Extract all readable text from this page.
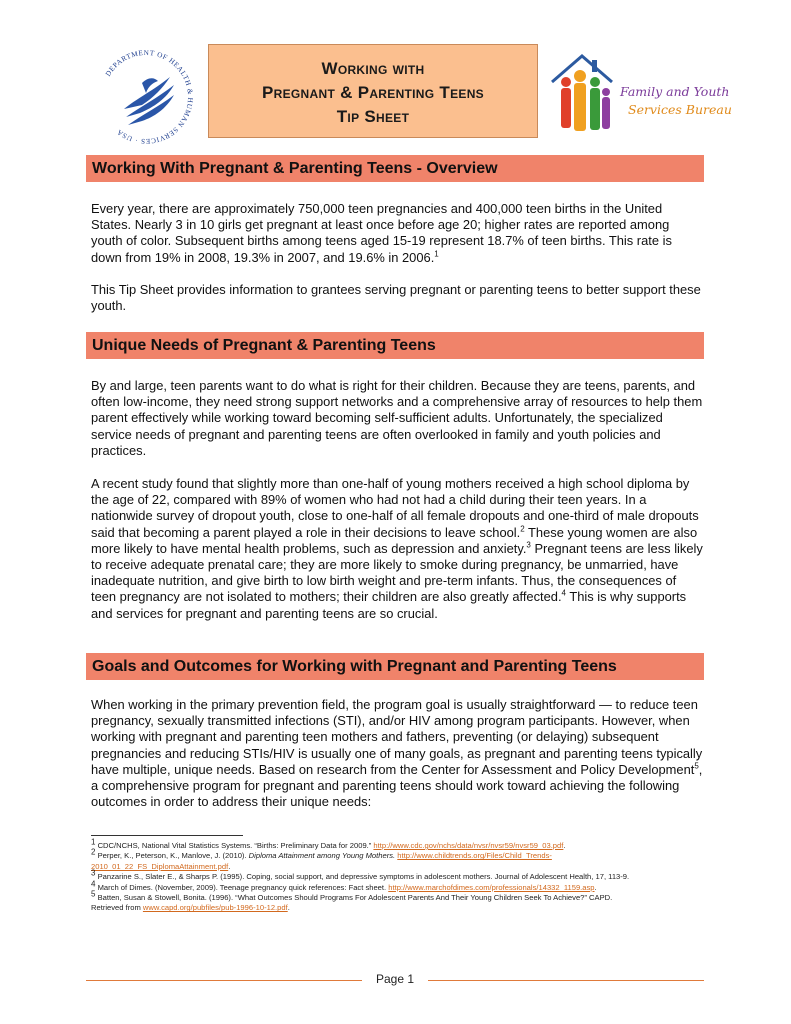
DEPARTMENT OF HEALTH & HUMAN SERVICES · USA
Working with
Pregnant & Parenting Teens
Tip Sheet
Family and Youth
Services Bureau
Working With Pregnant & Parenting Teens - Overview

Every year, there are approximately 750,000 teen pregnancies and 400,000 teen births in the United States. Nearly 3 in 10 girls get pregnant at least once before age 20; higher rates are reported among youth of color. Subsequent births among teens aged 15-19 represent 18.7% of teen births. This rate is down from 19% in 2008, 19.3% in 2007, and 19.6% in 2006.$^1$

This Tip Sheet provides information to grantees serving pregnant or parenting teens to better support these youth.

Unique Needs of Pregnant & Parenting Teens

By and large, teen parents want to do what is right for their children. Because they are teens, parents, and often low-income, they need strong support networks and a comprehensive array of resources to help them parent effectively while working toward becoming self-sufficient adults. Unfortunately, the specialized service needs of pregnant and parenting teens are often overlooked in family and youth policies and practices.

A recent study found that slightly more than one-half of young mothers received a high school diploma by the age of 22, compared with 89% of women who had not had a child during their teen years. In a nationwide survey of dropout youth, close to one-half of all female dropouts and one-third of male dropouts said that becoming a parent played a role in their decisions to leave school.$^2$ These young women are also more likely to have mental health problems, such as depression and anxiety.$^3$ Pregnant teens are less likely to receive adequate prenatal care; they are more likely to smoke during pregnancy, be unmarried, have inadequate nutrition, and give birth to low birth weight and pre-term infants. Thus, the consequences of teen pregnancy are not isolated to mothers; their children are also greatly affected.$^4$ This is why supports and services for pregnant and parenting teens are so crucial.

Goals and Outcomes for Working with Pregnant and Parenting Teens

When working in the primary prevention field, the program goal is usually straightforward — to reduce teen pregnancy, sexually transmitted infections (STI), and/or HIV among program participants. However, when working with pregnant and parenting teen mothers and fathers, preventing (or delaying) subsequent pregnancies and reducing STIs/HIV is usually one of many goals, as pregnant and parenting teens typically have multiple, unique needs. Based on research from the Center for Assessment and Policy Development$^5$, a comprehensive program for pregnant and parenting teens should work toward achieving the following outcomes in order to address their unique needs:

$^1$ CDC/NCHS, National Vital Statistics Systems. “Births: Preliminary Data for 2009.” http://www.cdc.gov/nchs/data/nvsr/nvsr59/nvsr59_03.pdf.
$^2$ Perper, K., Peterson, K., Manlove, J. (2010). Diploma Attainment among Young Mothers. http://www.childtrends.org/Files/Child_Trends-
2010_01_22_FS_DiplomaAttainment.pdf.
$^3$ Panzarine S., Slater E., & Sharps P. (1995). Coping, social support, and depressive symptoms in adolescent mothers. Journal of Adolescent Health, 17, 113-9.
$^4$ March of Dimes. (November, 2009). Teenage pregnancy quick references: Fact sheet. http://www.marchofdimes.com/professionals/14332_1159.asp.
$^5$ Batten, Susan & Stowell, Bonita. (1996). “What Outcomes Should Programs For Adolescent Parents And Their Young Children Seek To Achieve?” CAPD.
Retrieved from www.capd.org/pubfiles/pub-1996-10-12.pdf.
Page 1
